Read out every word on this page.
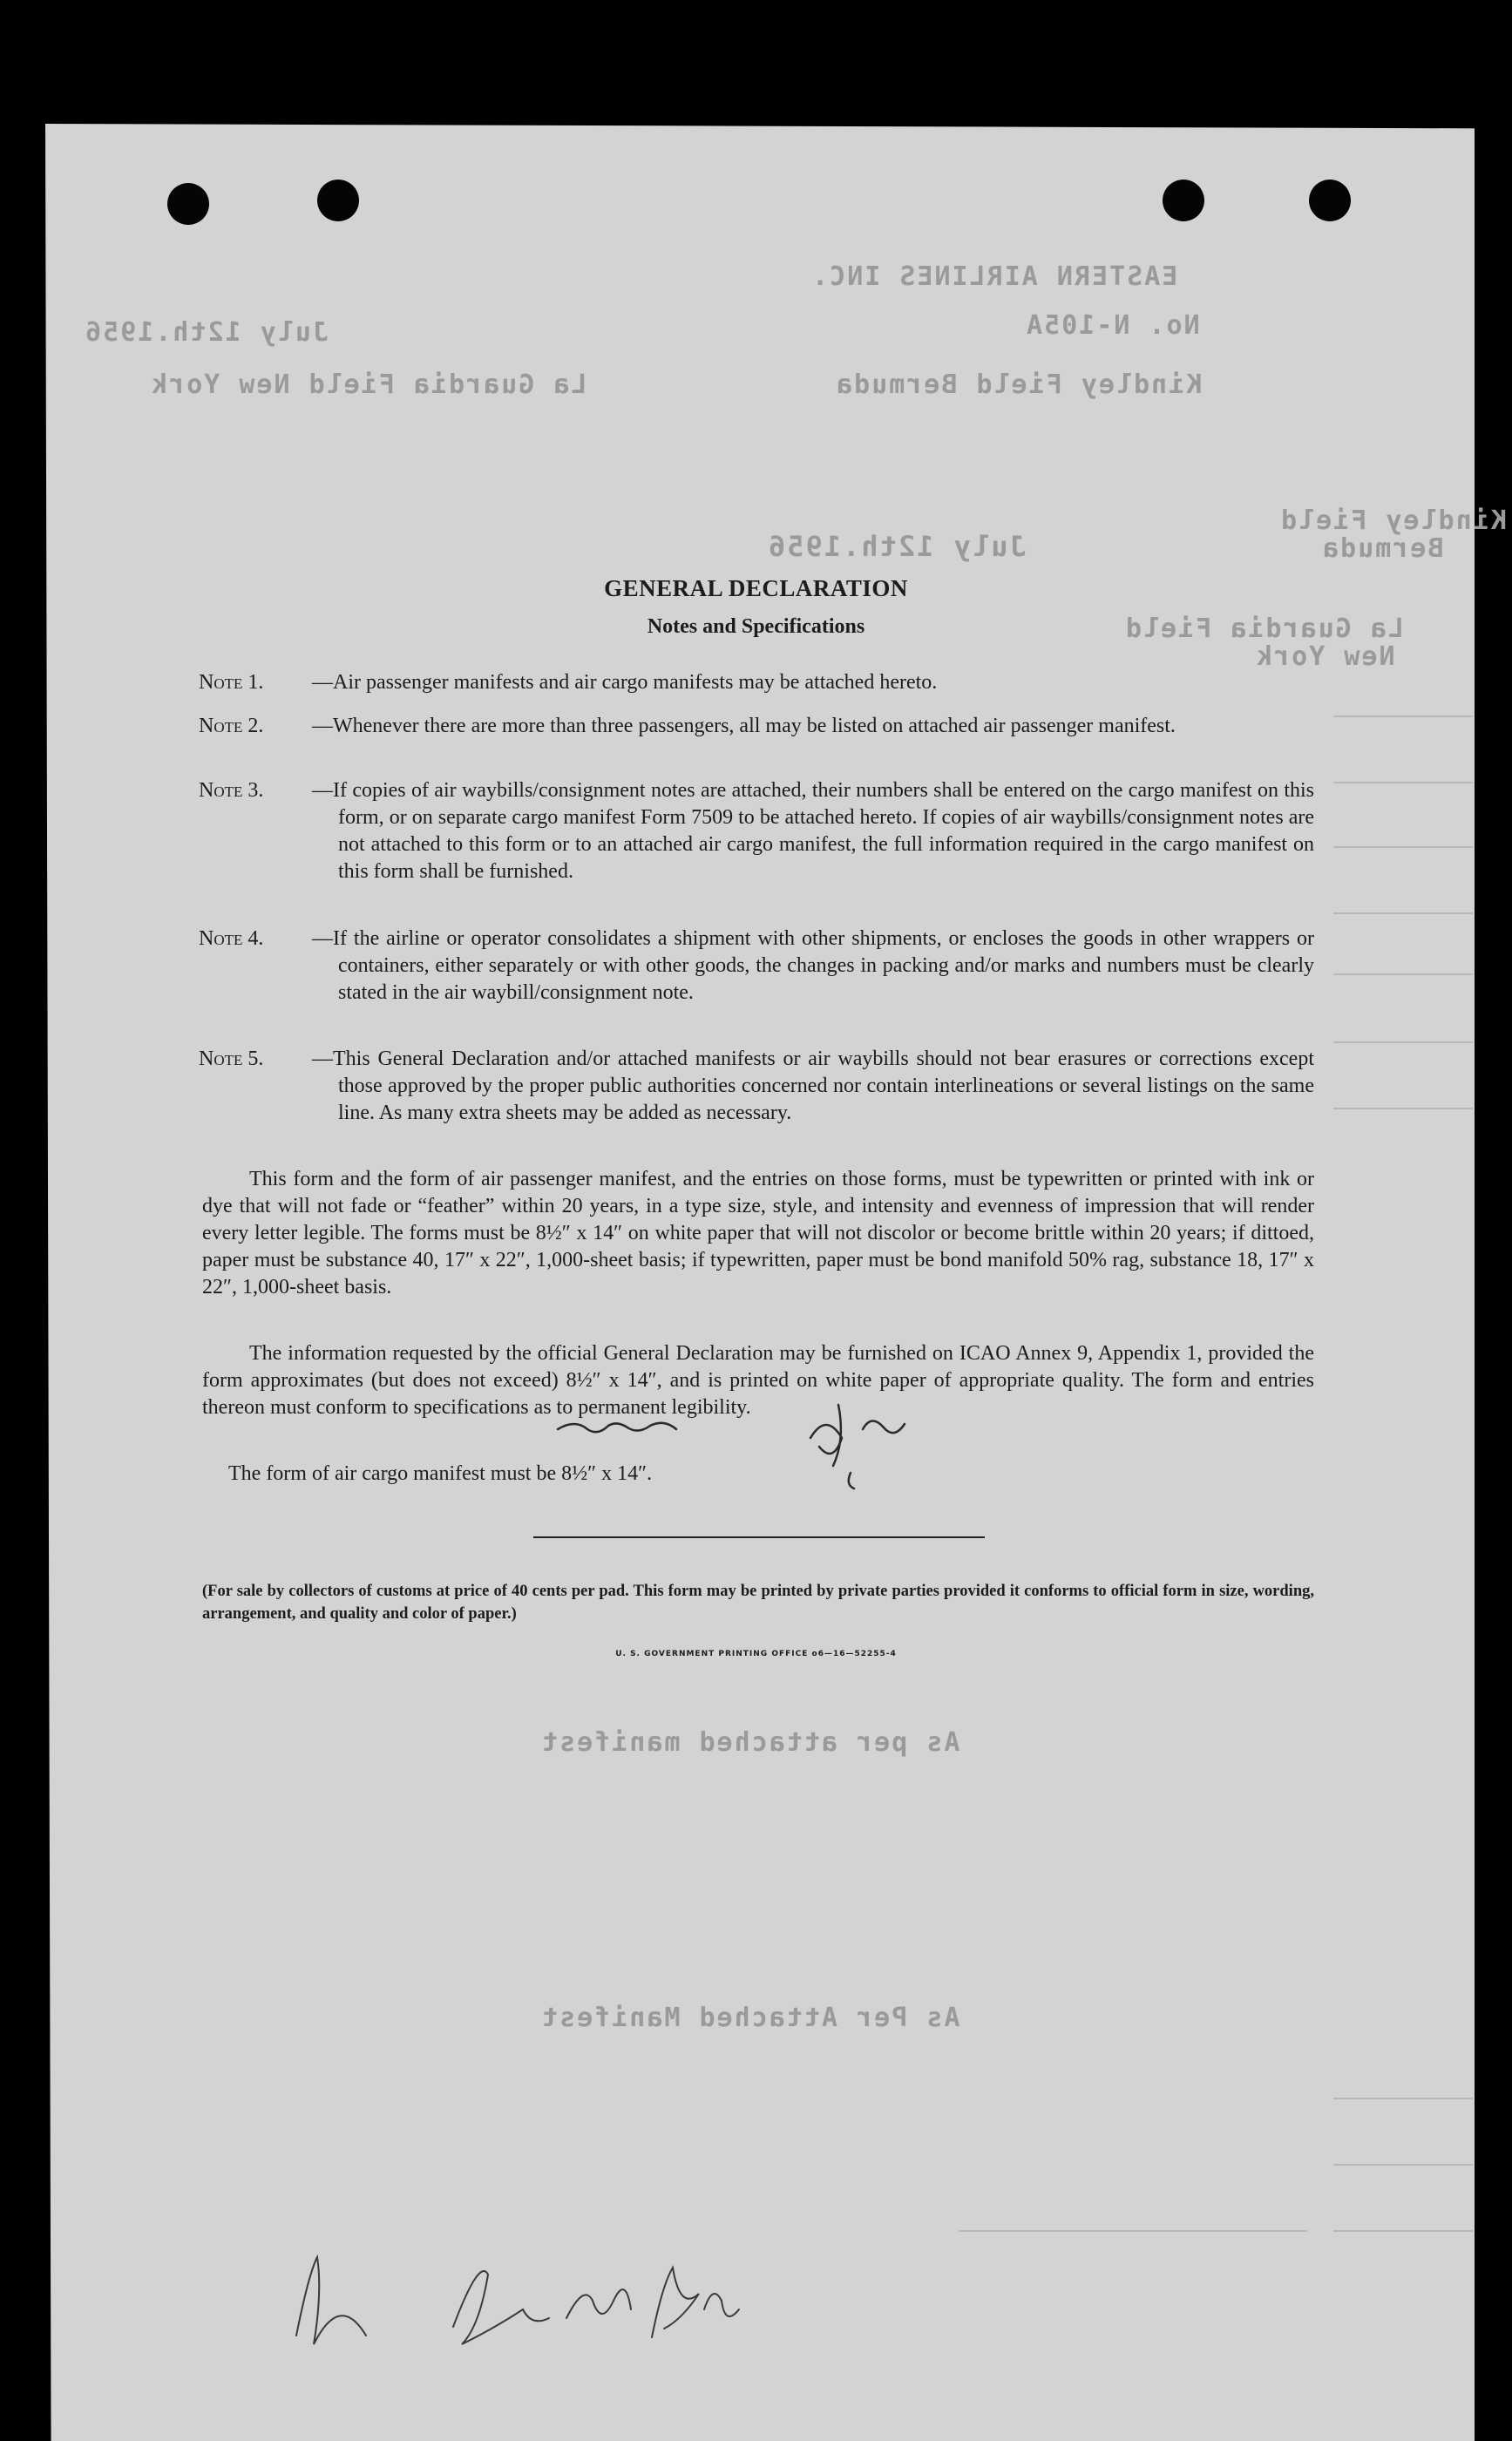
EASTERN AIRLINES INC.
No. N-105A
July 12th.1956
Kindley Field Bermuda
La Guardia Field New York
July 12th.1956
Kindley Field
Bermuda
La Guardia Field
New York
As per attached manifest
As Per Attached Manifest
GENERAL DECLARATION
Notes and Specifications
Note 1. —Air passenger manifests and air cargo manifests may be attached hereto.
Note 2. —Whenever there are more than three passengers, all may be listed on attached air passenger manifest.
Note 3. —If copies of air waybills/consignment notes are attached, their numbers shall be entered on the cargo manifest on this form, or on separate cargo manifest Form 7509 to be attached hereto. If copies of air waybills/consignment notes are not attached to this form or to an attached air cargo manifest, the full information required in the cargo manifest on this form shall be furnished.
Note 4. —If the airline or operator consolidates a shipment with other shipments, or encloses the goods in other wrappers or containers, either separately or with other goods, the changes in packing and/or marks and numbers must be clearly stated in the air waybill/consignment note.
Note 5. —This General Declaration and/or attached manifests or air waybills should not bear erasures or corrections except those approved by the proper public authorities concerned nor contain interlineations or several listings on the same line. As many extra sheets may be added as necessary.
This form and the form of air passenger manifest, and the entries on those forms, must be typewritten or printed with ink or dye that will not fade or “feather” within 20 years, in a type size, style, and intensity and evenness of impression that will render every letter legible. The forms must be 8½″ x 14″ on white paper that will not discolor or become brittle within 20 years; if dittoed, paper must be substance 40, 17″ x 22″, 1,000-sheet basis; if typewritten, paper must be bond manifold 50% rag, substance 18, 17″ x 22″, 1,000-sheet basis.
The information requested by the official General Declaration may be furnished on ICAO Annex 9, Appendix 1, provided the form approximates (but does not exceed) 8½″ x 14″, and is printed on white paper of appropriate quality. The form and entries thereon must conform to specifications as to permanent legibility.
The form of air cargo manifest must be 8½″ x 14″.
(For sale by collectors of customs at price of 40 cents per pad. This form may be printed by private parties provided it conforms to official form in size, wording, arrangement, and quality and color of paper.)
U. S. GOVERNMENT PRINTING OFFICE o6—16—52255-4
